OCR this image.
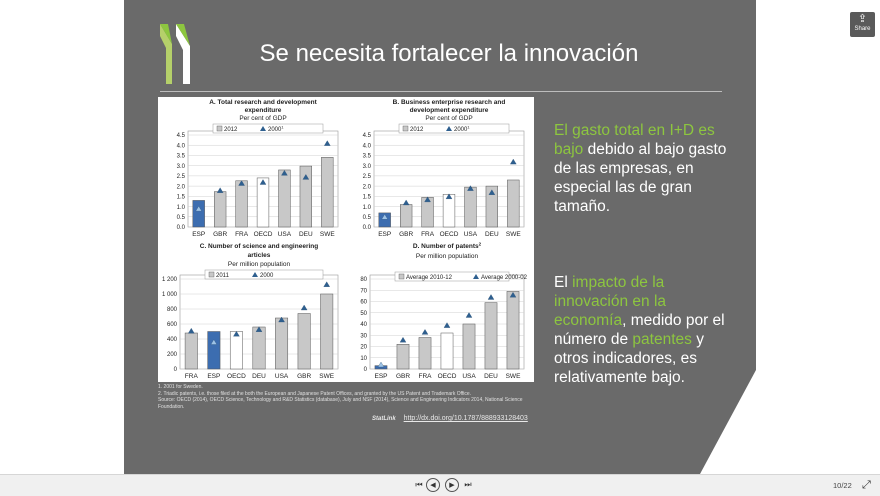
Se necesita fortalecer la innovación
0.0
0.5
1.0
1.5
2.0
2.5
3.0
3.5
4.0
4.5
A. Total research and development
expenditure
Per cent of GDP
2012	2000$^1$
ESP GBR FRA OECD USA DEU SWE
0.0
0.5
1.0
1.5
2.0
2.5
3.0
3.5
4.0
4.5
B. Business enterprise research and
development expenditure
Per cent of GDP
2012	2000$^1$
ESP GBR FRA OECD USA DEU SWE
0
200
400
600
800
1 000
1 200
C. Number of science and engineering
articles
Per million population
2011	2000
FRA ESP OECD DEU USA GBR SWE
0
10
20
30
40
50
60
70
80
D. Number of patents$^2$
Per million population
Average 2010-12	Average 2000-02
ESP GBR FRA OECD USA DEU SWE
1. 2001 for Sweden.
2. Triadic patents, i.e. those filed at the both the European and Japanese Patent Offices, and granted by the US Patent and Trademark Office.
Source: OECD (2014), OECD Science, Technology and R&D Statistics (database), July and NSF (2014), Science and Engineering Indicators 2014, National Science
Foundation.
StatLink http://dx.doi.org/10.1787/888933128403
El gasto total en I+D es bajo debido al bajo gasto de las empresas, en especial las de gran tamaño.
El impacto de la innovación en la economía, medido por el número de patentes y otros indicadores, es relativamente bajo.
⇪
Share
⏮	◀	▶	⏭	10/22 ⤢
